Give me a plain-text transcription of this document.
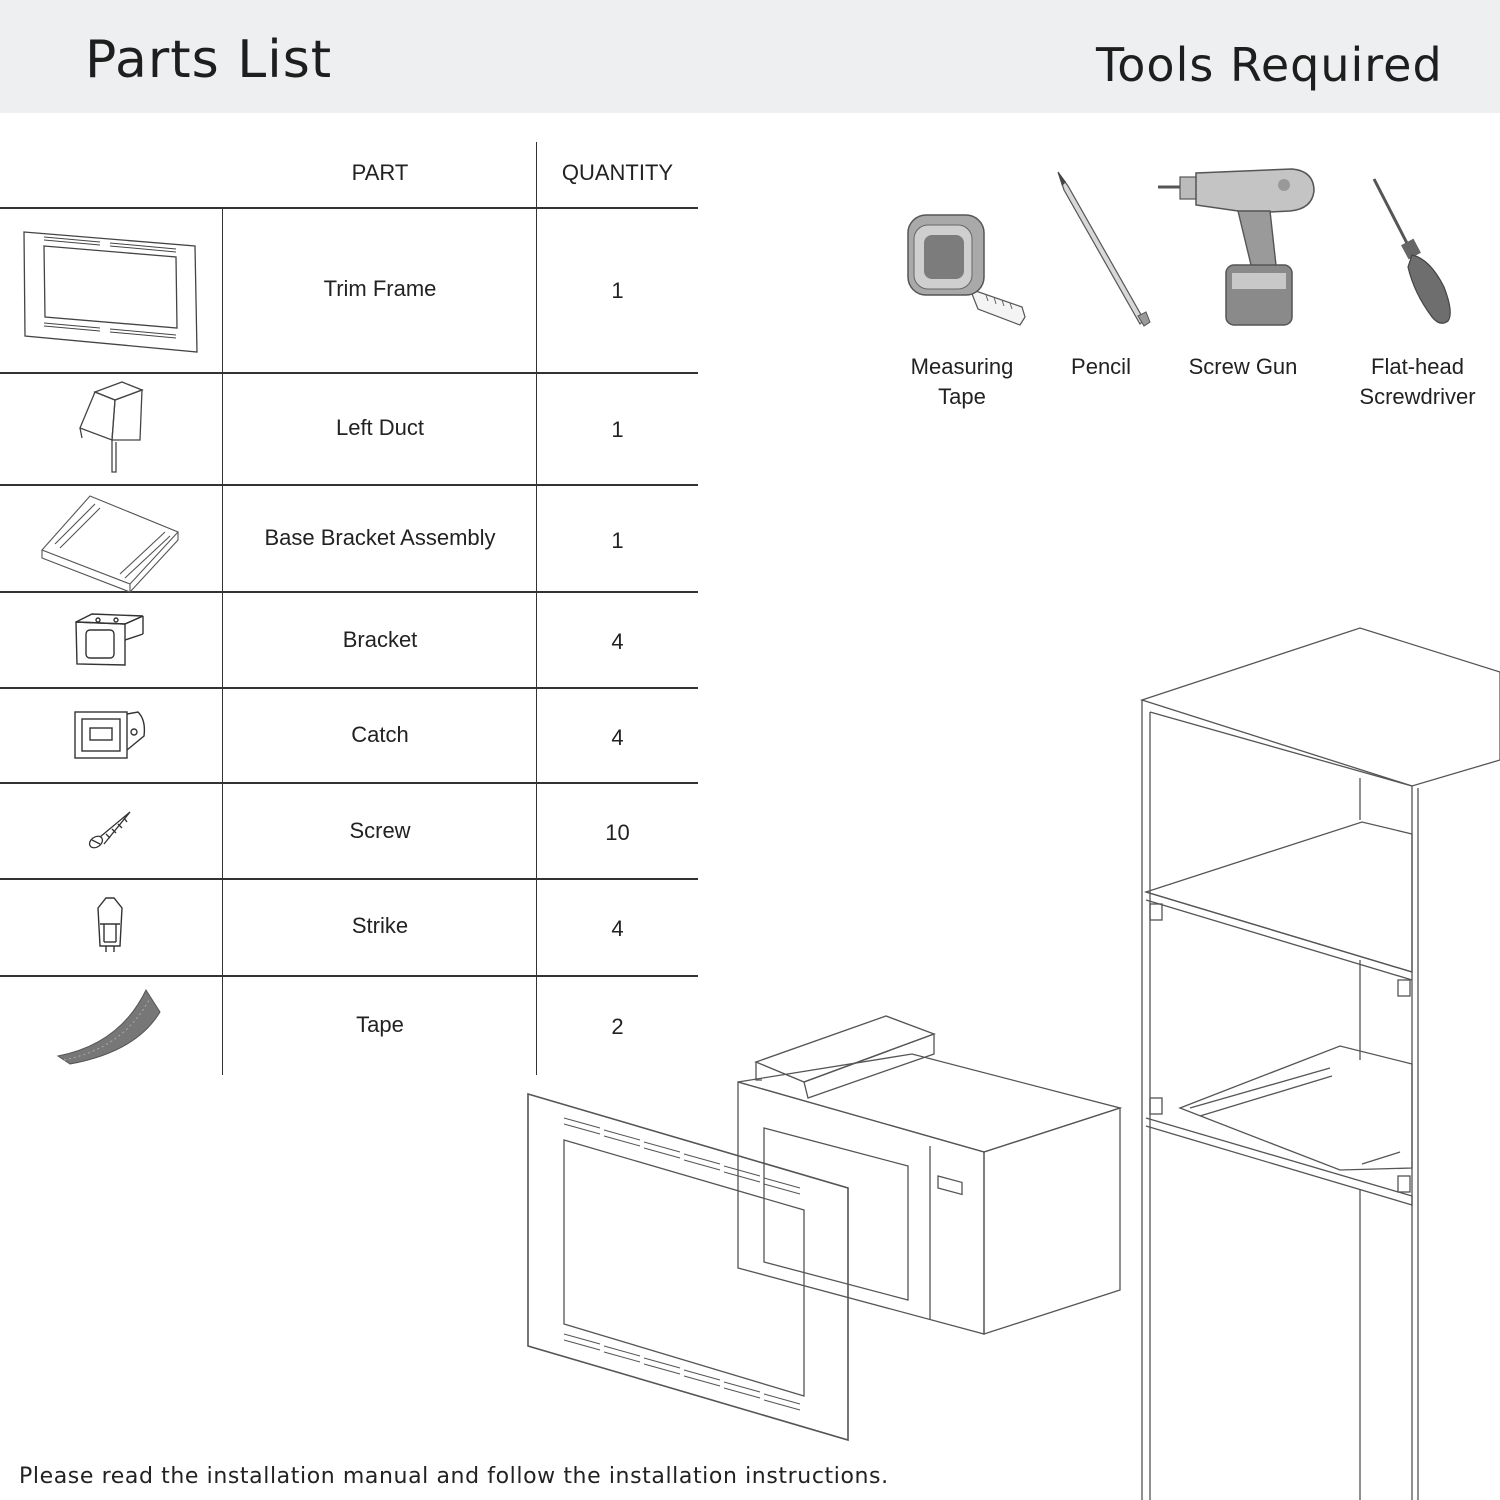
Parts List	Tools Required
PART	QUANTITY
Trim Frame	1
Left Duct	1
Base Bracket Assembly	1
Bracket	4
Catch	4
Screw	10
Strike	4
Tape	2
Measuring
Tape
Pencil	Screw Gun	Flat-head
Screwdriver
Please read the installation manual and follow the installation instructions.
